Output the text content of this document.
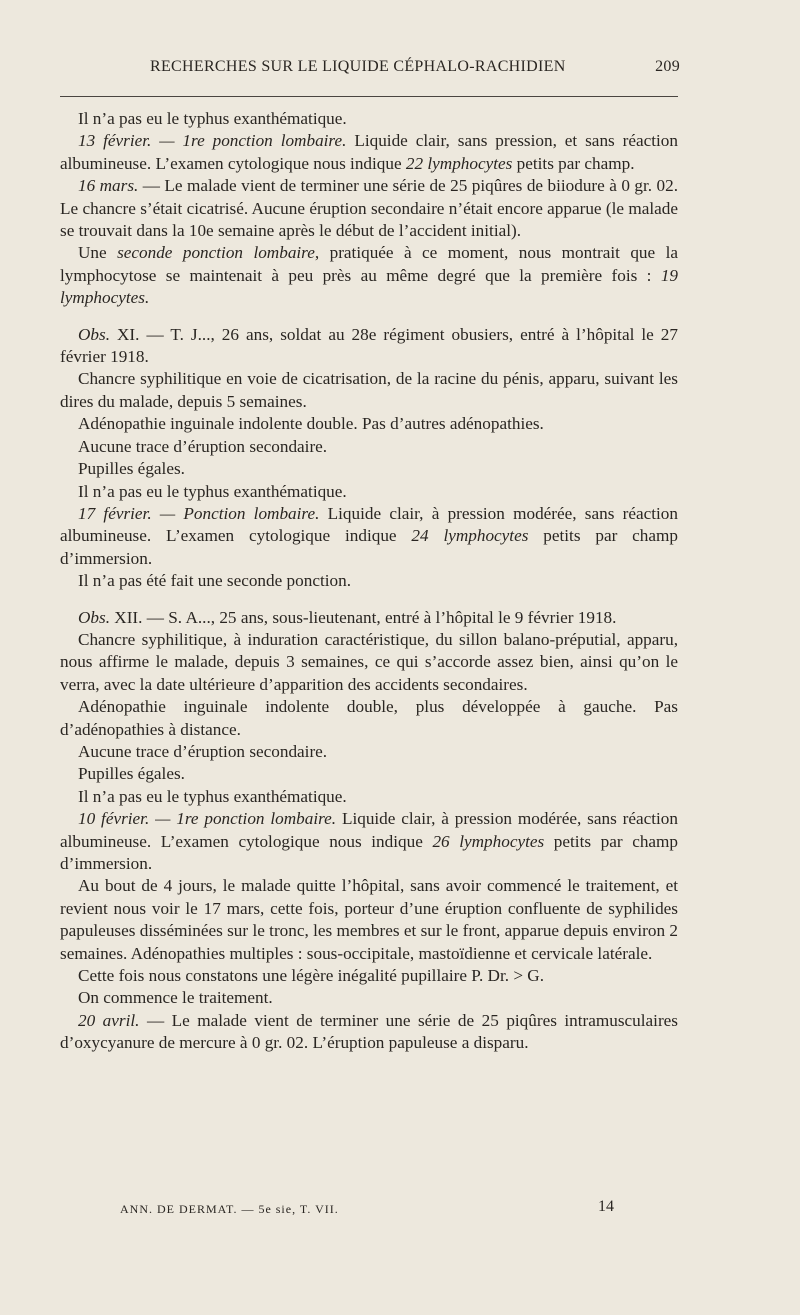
RECHERCHES SUR LE LIQUIDE CÉPHALO-RACHIDIEN	209

Il n’a pas eu le typhus exanthématique.

13 février. — 1re ponction lombaire. Liquide clair, sans pression, et sans réaction albumineuse. L’examen cytologique nous indique 22 lymphocytes petits par champ.

16 mars. — Le malade vient de terminer une série de 25 piqûres de biiodure à 0 gr. 02. Le chancre s’était cicatrisé. Aucune éruption secondaire n’était encore apparue (le malade se trouvait dans la 10e semaine après le début de l’accident initial).

Une seconde ponction lombaire, pratiquée à ce moment, nous montrait que la lymphocytose se maintenait à peu près au même degré que la première fois : 19 lymphocytes.

Obs. XI. — T. J..., 26 ans, soldat au 28e régiment obusiers, entré à l’hôpital le 27 février 1918.

Chancre syphilitique en voie de cicatrisation, de la racine du pénis, apparu, suivant les dires du malade, depuis 5 semaines.

Adénopathie inguinale indolente double. Pas d’autres adénopathies.

Aucune trace d’éruption secondaire.

Pupilles égales.

Il n’a pas eu le typhus exanthématique.

17 février. — Ponction lombaire. Liquide clair, à pression modérée, sans réaction albumineuse. L’examen cytologique indique 24 lymphocytes petits par champ d’immersion.

Il n’a pas été fait une seconde ponction.

Obs. XII. — S. A..., 25 ans, sous-lieutenant, entré à l’hôpital le 9 février 1918.

Chancre syphilitique, à induration caractéristique, du sillon balano-préputial, apparu, nous affirme le malade, depuis 3 semaines, ce qui s’accorde assez bien, ainsi qu’on le verra, avec la date ultérieure d’apparition des accidents secondaires.

Adénopathie inguinale indolente double, plus développée à gauche. Pas d’adénopathies à distance.

Aucune trace d’éruption secondaire.

Pupilles égales.

Il n’a pas eu le typhus exanthématique.

10 février. — 1re ponction lombaire. Liquide clair, à pression modérée, sans réaction albumineuse. L’examen cytologique nous indique 26 lymphocytes petits par champ d’immersion.

Au bout de 4 jours, le malade quitte l’hôpital, sans avoir commencé le traitement, et revient nous voir le 17 mars, cette fois, porteur d’une éruption confluente de syphilides papuleuses disséminées sur le tronc, les membres et sur le front, apparue depuis environ 2 semaines. Adénopathies multiples : sous-occipitale, mastoïdienne et cervicale latérale.

Cette fois nous constatons une légère inégalité pupillaire P. Dr. > G.

On commence le traitement.

20 avril. — Le malade vient de terminer une série de 25 piqûres intramusculaires d’oxycyanure de mercure à 0 gr. 02. L’éruption papuleuse a disparu.

ANN. DE DERMAT. — 5e sie, T. VII.	14
